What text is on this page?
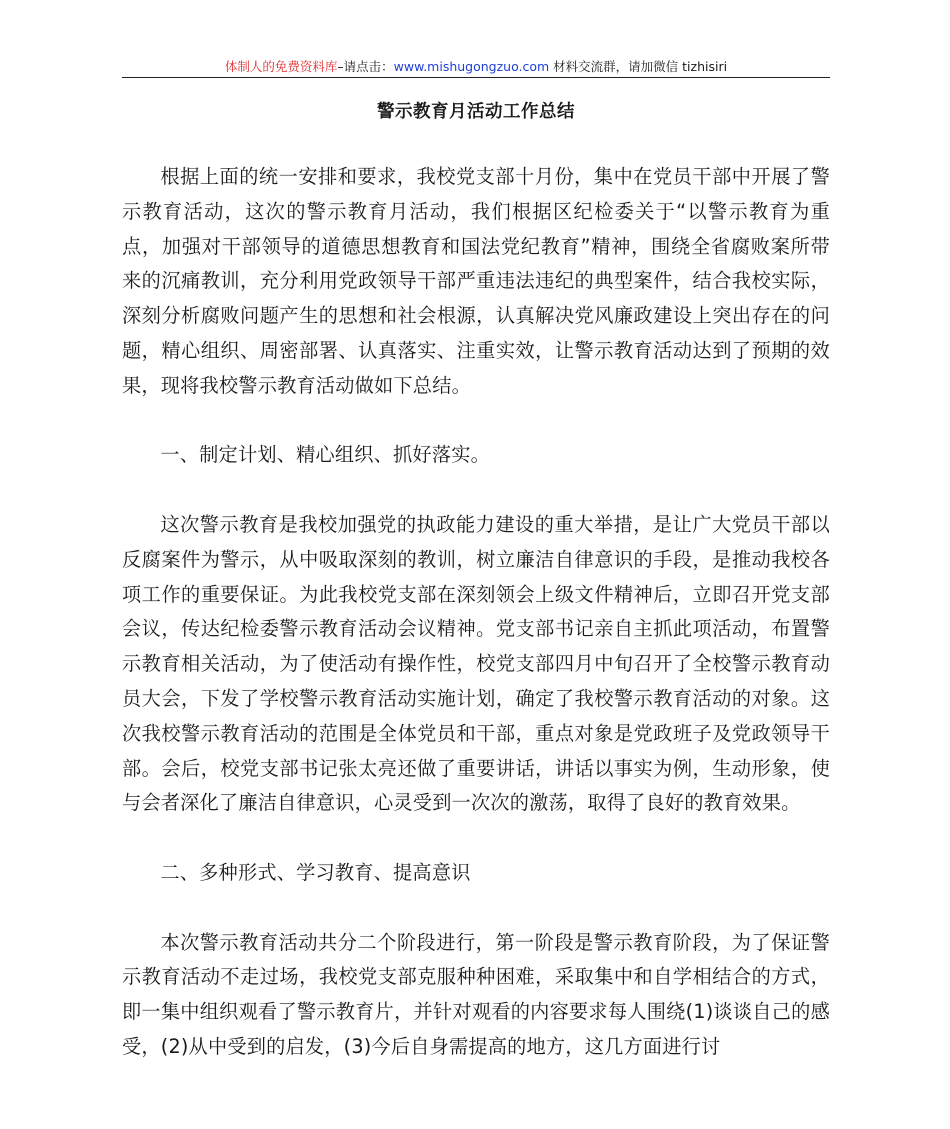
体制人的免费资料库–请点击：www.mishugongzuo.com 材料交流群，请加微信 tizhisiri
警示教育月活动工作总结

根据上面的统一安排和要求，我校党支部十月份，集中在党员干部中开展了警示教育活动，这次的警示教育月活动，我们根据区纪检委关于“以警示教育为重点，加强对干部领导的道德思想教育和国法党纪教育”精神，围绕全省腐败案所带来的沉痛教训，充分利用党政领导干部严重违法违纪的典型案件，结合我校实际，深刻分析腐败问题产生的思想和社会根源，认真解决党风廉政建设上突出存在的问题，精心组织、周密部署、认真落实、注重实效，让警示教育活动达到了预期的效果，现将我校警示教育活动做如下总结。

一、制定计划、精心组织、抓好落实。

这次警示教育是我校加强党的执政能力建设的重大举措，是让广大党员干部以反腐案件为警示，从中吸取深刻的教训，树立廉洁自律意识的手段，是推动我校各项工作的重要保证。为此我校党支部在深刻领会上级文件精神后，立即召开党支部会议，传达纪检委警示教育活动会议精神。党支部书记亲自主抓此项活动，布置警示教育相关活动，为了使活动有操作性，校党支部四月中旬召开了全校警示教育动员大会，下发了学校警示教育活动实施计划，确定了我校警示教育活动的对象。这次我校警示教育活动的范围是全体党员和干部，重点对象是党政班子及党政领导干部。会后，校党支部书记张太亮还做了重要讲话，讲话以事实为例，生动形象，使与会者深化了廉洁自律意识，心灵受到一次次的激荡，取得了良好的教育效果。

二、多种形式、学习教育、提高意识

本次警示教育活动共分二个阶段进行，第一阶段是警示教育阶段，为了保证警示教育活动不走过场，我校党支部克服种种困难，采取集中和自学相结合的方式，即一集中组织观看了警示教育片，并针对观看的内容要求每人围绕(1)谈谈自己的感受，(2)从中受到的启发，(3)今后自身需提高的地方，这几方面进行讨
